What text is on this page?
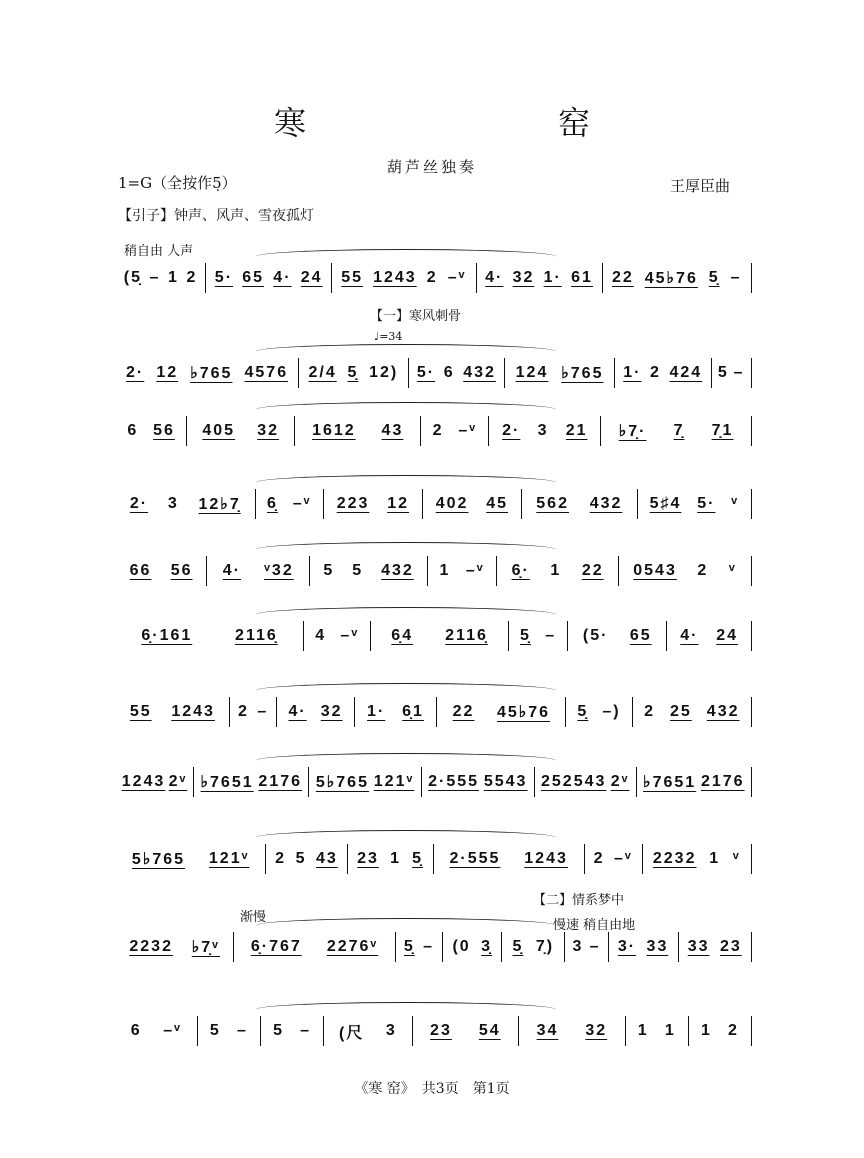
寒　窑
葫芦丝独奏
1=G（全按作5̣）	王厚臣曲
【引子】钟声、风声、雪夜孤灯
稍自由 人声
【一】寒风刺骨
♩=34
【二】情系梦中
渐慢
慢速 稍自由地
(5̣ – 1 2 5· 65 4· 24 55 1243 2 –ᵛ 4· 32 1· 61 22 45♭76 5̣ –
2· 12 ♭765 4576 2/4 5̣ 12) 5· 6 432 124 ♭765 1· 2 424 5 –
6 56 405 32 1612 43 2 –ᵛ 2· 3 21 ♭7̣· 7̣ 7̣1
2· 3 12♭7̣ 6̣ –ᵛ 223 12 402 45 562 432 5♯4 5· ᵛ
66 56 4· ᵛ32 5 5 432 1 –ᵛ 6̣· 1 22 0543 2 ᵛ
6̣·161	2116̣ 4 –ᵛ 6̣4 2116̣ 5̣ – (5· 65 4· 24
55 1243 2 – 4· 32 1· 6̣1 22 45♭76 5̣ –) 2 25 432
1243 2ᵛ ♭7651 2176 5♭765 121ᵛ 2·555 5543 252543 2ᵛ ♭7651 2176
5♭765 121ᵛ 2 5 43 23 1 5̣ 2·555 1243 2 –ᵛ 2232 1 ᵛ
2232 ♭7̣ᵛ 6̣·767 2276ᵛ 5̣ – (0 3̣ 5̣ 7̣) 3 – 3· 33 33 23
6 –ᵛ 5 – 5 – (尺 3 23 54 34 32 1 1 1 2
《寒 窑》　共3页　第1页
